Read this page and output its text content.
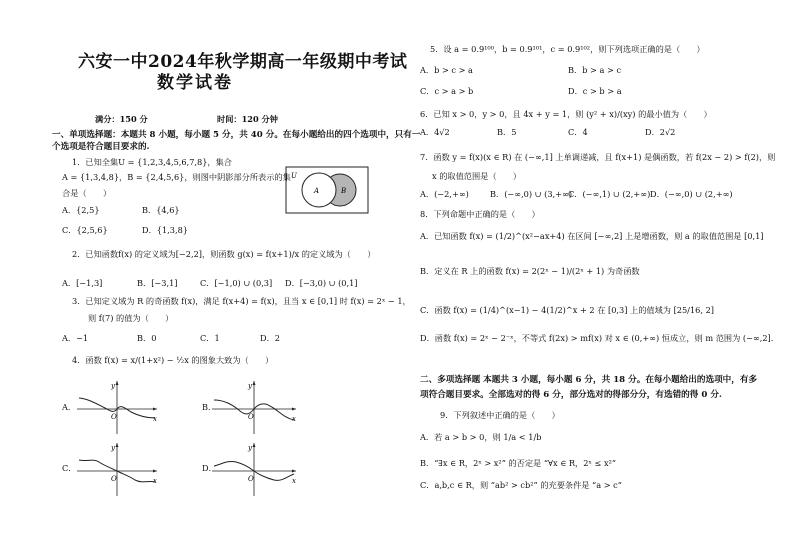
六安一中2024年秋学期高一年级期中考试
数学试卷
满分：150 分	时间：120 分钟
一、单项选择题：本题共 8 小题，每小题 5 分，共 40 分。在每小题给出的四个选项中，只有一
个选项是符合题目要求的.
1．已知全集U = {1,2,3,4,5,6,7,8}，集合
A = {1,3,4,8}，B = {2,4,5,6}，则图中阴影部分所表示的集
合是（　　）
A．{2,5}	B．{4,6}
C．{2,5,6}	D．{1,3,8}
U
A	B
2．已知函数f(x) 的定义域为[−2,2]，则函数 g(x) = f(x+1)/x 的定义域为（　　）
A．[−1,3]	B．[−3,1]	C．[−1,0) ∪ (0,3] D．[−3,0) ∪ (0,1]
3．已知定义域为 R 的奇函数 f(x)，满足 f(x+4) = f(x)，且当 x ∈ [0,1] 时 f(x) = 2ˣ − 1，
则 f(7) 的值为（　　）
A．−1	B．0	C．1	D．2
4．函数 f(x) = x/(1+x²) − ½x 的图象大致为（　　）
A．	B．
C．	D．
y
x
O
y
x
O
y
x
O
y
x
O
5．设 a = 0.9¹⁰⁰，b = 0.9¹⁰¹，c = 0.9¹⁰²，则下列选项正确的是（　　）
A．b > c > a	B．b > a > c
C．c > a > b	D．c > b > a
6．已知 x > 0，y > 0，且 4x + y = 1，则 (y² + x)/(xy) 的最小值为（　　）
A．4√2	B．5	C．4	D．2√2
7．函数 y = f(x)(x ∈ R) 在 (−∞,1] 上单调递减，且 f(x+1) 是偶函数，若 f(2x − 2) > f(2)，则
x 的取值范围是（　　）
A．(−2,+∞)	B．(−∞,0) ∪ (3,+∞)
C．(−∞,1) ∪ (2,+∞) D．(−∞,0) ∪ (2,+∞)
8．下列命题中正确的是（　　）
A．已知函数 f(x) = (1/2)^(x²−ax+4) 在区间 [−∞,2] 上是增函数，则 a 的取值范围是 [0,1]
B．定义在 R 上的函数 f(x) = 2(2ˣ − 1)/(2ˣ + 1) 为奇函数
C．函数 f(x) = (1/4)^(x−1) − 4(1/2)^x + 2 在 [0,3] 上的值域为 [25/16, 2]
D．函数 f(x) = 2ˣ − 2⁻ˣ，不等式 f(2x) > mf(x) 对 x ∈ (0,+∞) 恒成立，则 m 范围为 (−∞,2].
二、多项选择题 本题共 3 小题，每小题 6 分，共 18 分。在每小题给出的选项中，有多
项符合题目要求。全部选对的得 6 分，部分选对的得部分分，有选错的得 0 分.
9．下列叙述中正确的是（　　）
A．若 a > b > 0，则 1/a < 1/b
B．“∃x ∈ R，2ˣ > x²” 的否定是 “∀x ∈ R，2ˣ ≤ x²”
C．a,b,c ∈ R，则 “ab² > cb²” 的充要条件是 “a > c”
